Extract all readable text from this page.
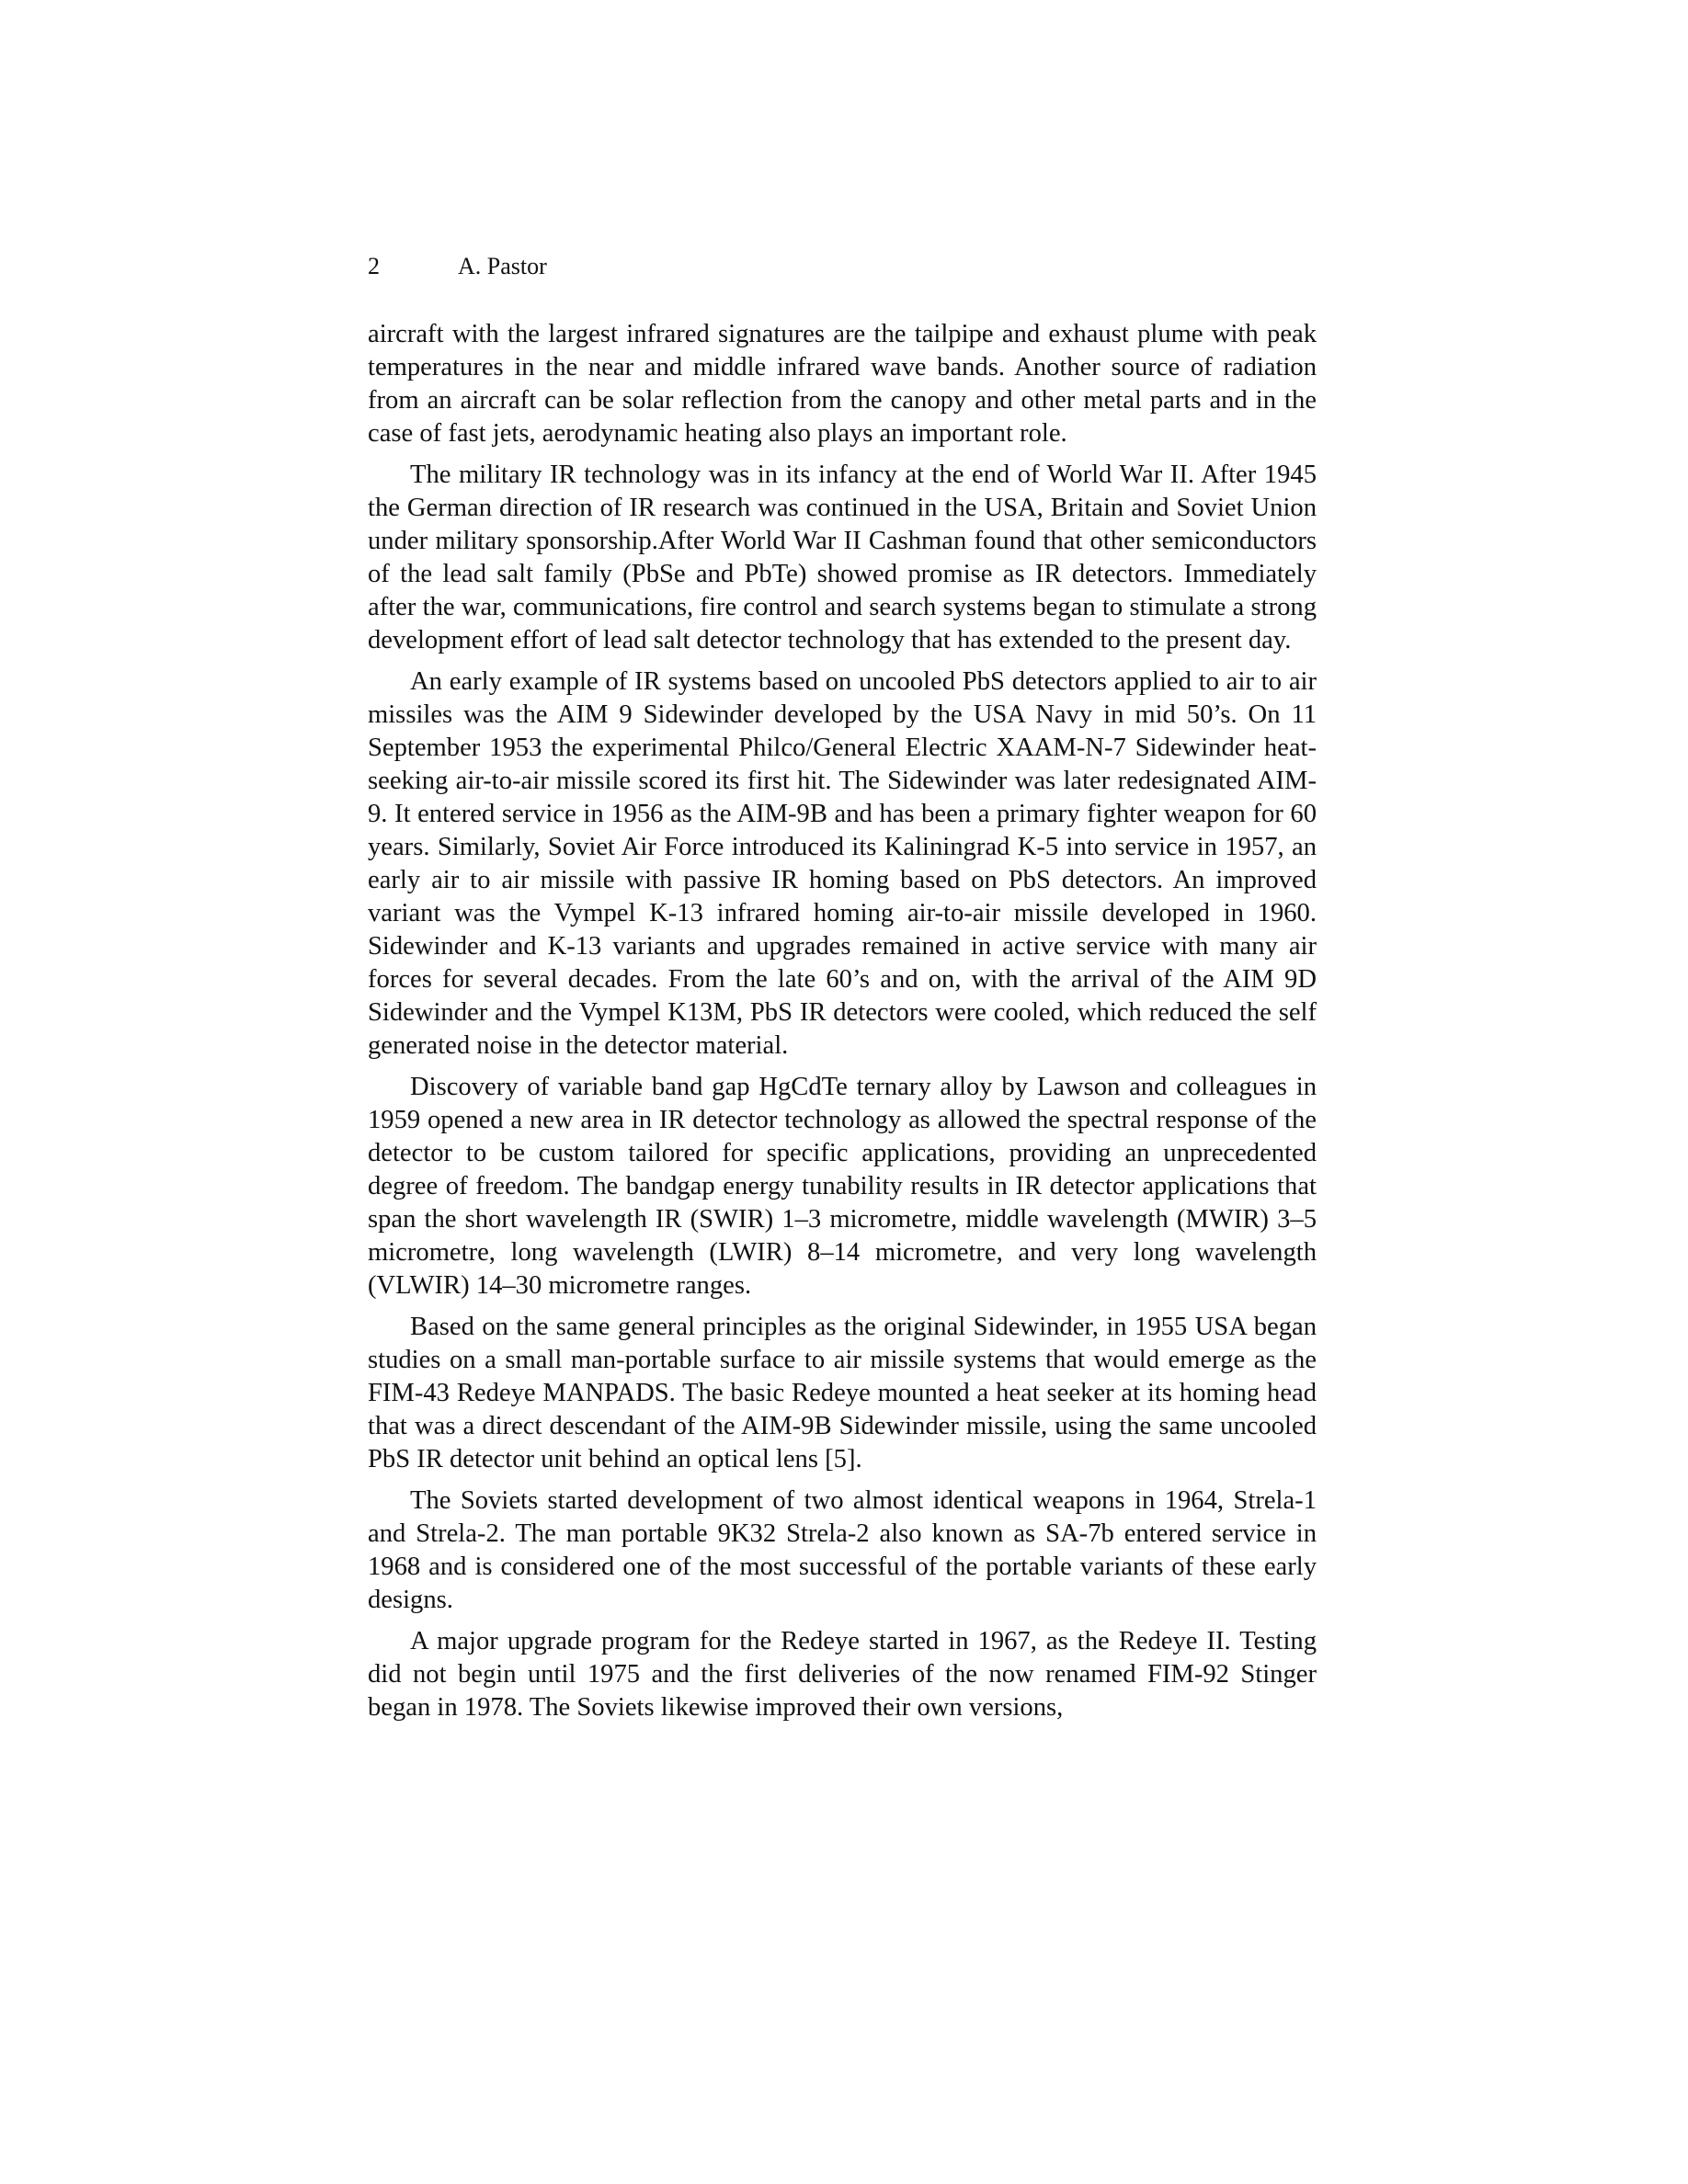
2	A. Pastor

aircraft with the largest infrared signatures are the tailpipe and exhaust plume with peak temperatures in the near and middle infrared wave bands. Another source of radiation from an aircraft can be solar reflection from the canopy and other metal parts and in the case of fast jets, aerodynamic heating also plays an important role.

The military IR technology was in its infancy at the end of World War II. After 1945 the German direction of IR research was continued in the USA, Britain and Soviet Union under military sponsorship.After World War II Cashman found that other semiconductors of the lead salt family (PbSe and PbTe) showed promise as IR detectors. Immediately after the war, communications, fire control and search systems began to stimulate a strong development effort of lead salt detector technology that has extended to the present day.

An early example of IR systems based on uncooled PbS detectors applied to air to air missiles was the AIM 9 Sidewinder developed by the USA Navy in mid 50’s. On 11 September 1953 the experimental Philco/General Electric XAAM-N-7 Sidewinder heat-seeking air-to-air missile scored its first hit. The Sidewinder was later redesignated AIM-9. It entered service in 1956 as the AIM-9B and has been a primary fighter weapon for 60 years. Similarly, Soviet Air Force introduced its Kaliningrad K-5 into service in 1957, an early air to air missile with passive IR homing based on PbS detectors. An improved variant was the Vympel K-13 infrared homing air-to-air missile developed in 1960. Sidewinder and K-13 variants and upgrades remained in active service with many air forces for several decades. From the late 60’s and on, with the arrival of the AIM 9D Sidewinder and the Vympel K13M, PbS IR detectors were cooled, which reduced the self generated noise in the detector material.

Discovery of variable band gap HgCdTe ternary alloy by Lawson and colleagues in 1959 opened a new area in IR detector technology as allowed the spectral response of the detector to be custom tailored for specific applications, providing an unprecedented degree of freedom. The bandgap energy tunability results in IR detector applications that span the short wavelength IR (SWIR) 1–3 micrometre, middle wavelength (MWIR) 3–5 micrometre, long wavelength (LWIR) 8–14 micrometre, and very long wavelength (VLWIR) 14–30 micrometre ranges.

Based on the same general principles as the original Sidewinder, in 1955 USA began studies on a small man-portable surface to air missile systems that would emerge as the FIM-43 Redeye MANPADS. The basic Redeye mounted a heat seeker at its homing head that was a direct descendant of the AIM-9B Sidewinder missile, using the same uncooled PbS IR detector unit behind an optical lens [5].

The Soviets started development of two almost identical weapons in 1964, Strela-1 and Strela-2. The man portable 9K32 Strela-2 also known as SA-7b entered service in 1968 and is considered one of the most successful of the portable variants of these early designs.

A major upgrade program for the Redeye started in 1967, as the Redeye II. Testing did not begin until 1975 and the first deliveries of the now renamed FIM-92 Stinger began in 1978. The Soviets likewise improved their own versions,
